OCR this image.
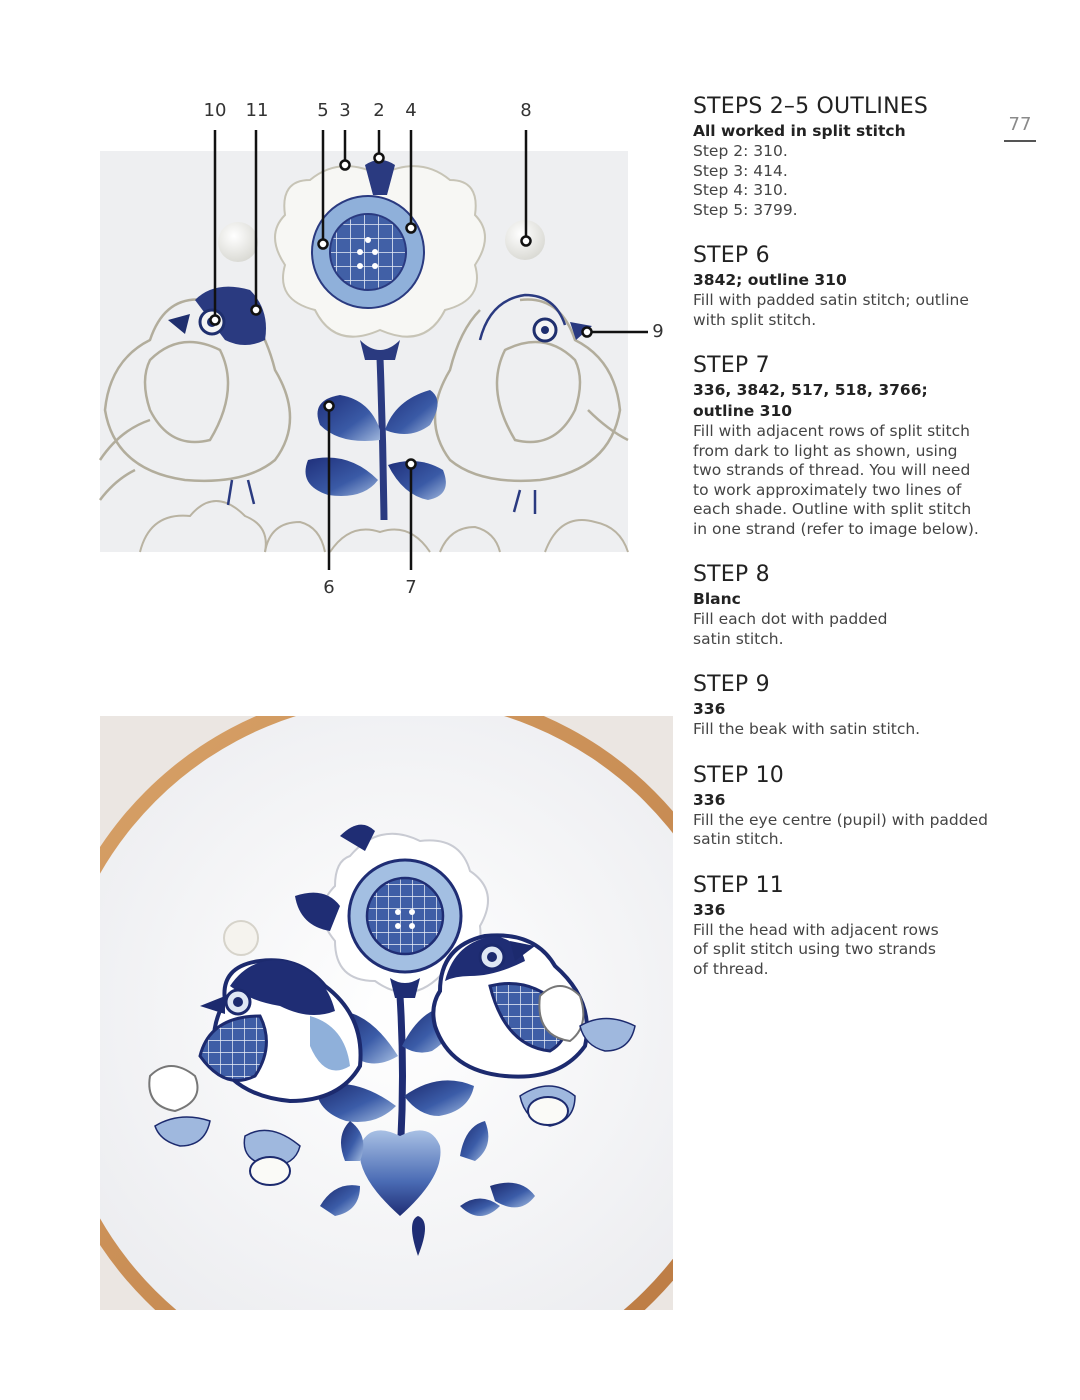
77
10 11	5 3	2	4	8
9
6	7
STEPS 2–5 OUTLINES
All worked in split stitch
Step 2: 310.
Step 3: 414.
Step 4: 310.
Step 5: 3799.
STEP 6
3842; outline 310
Fill with padded satin stitch; outline
with split stitch.
STEP 7
336, 3842, 517, 518, 3766;
outline 310
Fill with adjacent rows of split stitch
from dark to light as shown, using
two strands of thread. You will need
to work approximately two lines of
each shade. Outline with split stitch
in one strand (refer to image below).
STEP 8
Blanc
Fill each dot with padded
satin stitch.
STEP 9
336
Fill the beak with satin stitch.
STEP 10
336
Fill the eye centre (pupil) with padded
satin stitch.
STEP 11
336
Fill the head with adjacent rows
of split stitch using two strands
of thread.
